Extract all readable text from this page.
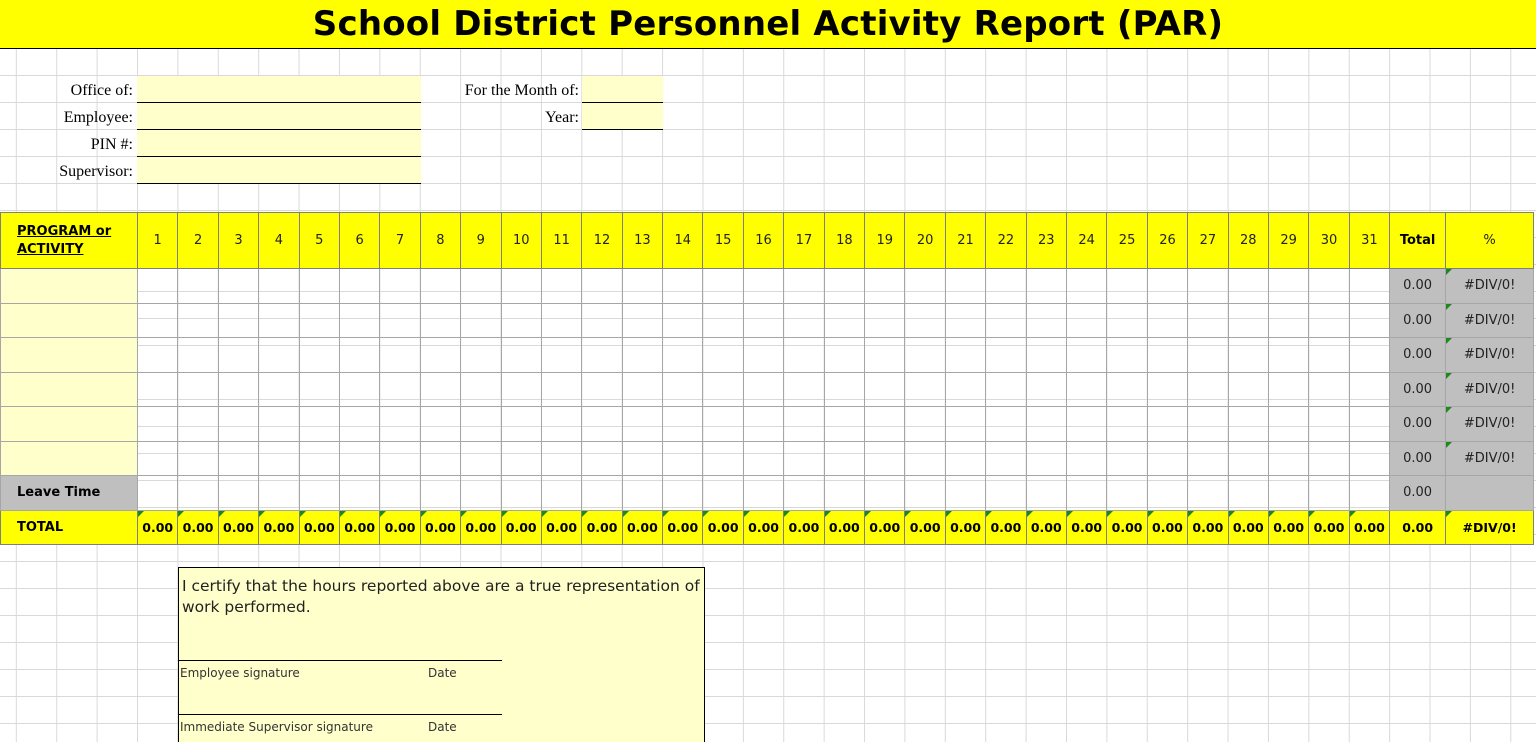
School District Personnel Activity Report (PAR)
Office of:
Employee:
PIN #:
Supervisor:
For the Month of:
Year:
PROGRAM or ACTIVITY	1	2	3	4	5	6	7	8	9	10	11	12	13	14	15	16	17	18	19	20	21	22	23	24	25	26	27	28	29	30	31	Total	%
																																0.00	#DIV/0!
																																0.00	#DIV/0!
																																0.00	#DIV/0!
																																0.00	#DIV/0!
																																0.00	#DIV/0!
																																0.00	#DIV/0!
Leave Time																																0.00	
TOTAL	0.00	0.00	0.00	0.00	0.00	0.00	0.00	0.00	0.00	0.00	0.00	0.00	0.00	0.00	0.00	0.00	0.00	0.00	0.00	0.00	0.00	0.00	0.00	0.00	0.00	0.00	0.00	0.00	0.00	0.00	0.00	0.00	#DIV/0!
I certify that the hours reported above are a true representation of work performed.
Employee signature	Date
Immediate Supervisor signature	Date
